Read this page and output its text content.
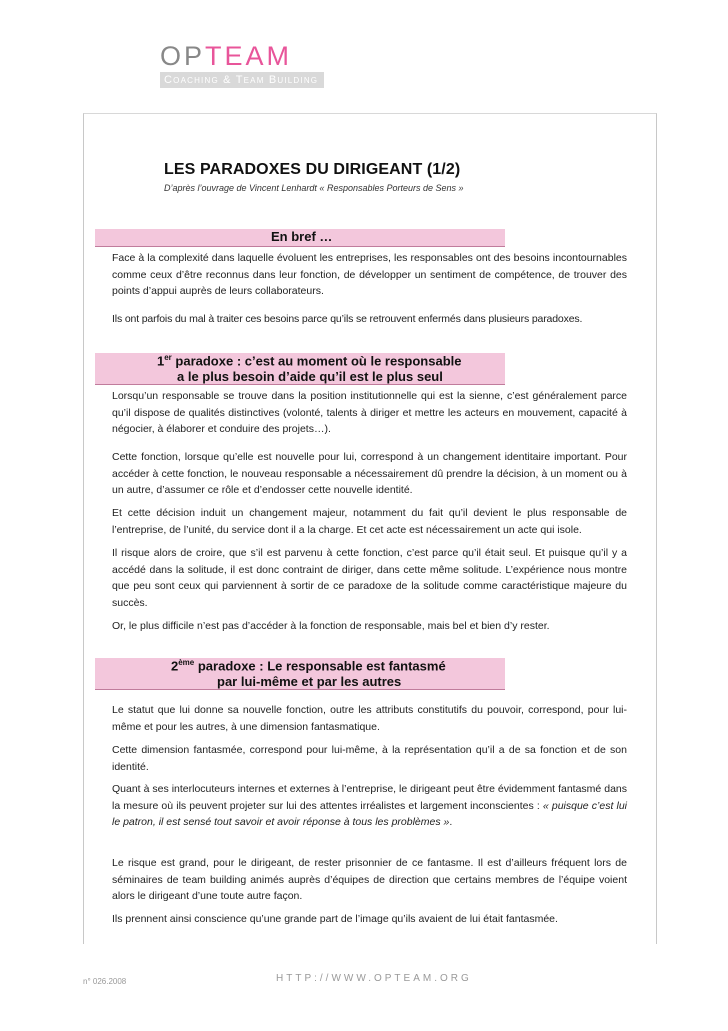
OPTEAM
Coaching & Team Building
LES PARADOXES DU DIRIGEANT (1/2)
D’après l’ouvrage de Vincent Lenhardt « Responsables Porteurs de Sens »
En bref …

Face à la complexité dans laquelle évoluent les entreprises, les responsables ont des besoins incontournables comme ceux d’être reconnus dans leur fonction, de développer un sentiment de compétence, de trouver des points d’appui auprès de leurs collaborateurs.

Ils ont parfois du mal à traiter ces besoins parce qu’ils se retrouvent enfermés dans plusieurs paradoxes.

1er paradoxe : c’est au moment où le responsable
a le plus besoin d’aide qu’il est le plus seul

Lorsqu’un responsable se trouve dans la position institutionnelle qui est la sienne, c’est généralement parce qu’il dispose de qualités distinctives (volonté, talents à diriger et mettre les acteurs en mouvement, capacité à négocier, à élaborer et conduire des projets…).

Cette fonction, lorsque qu’elle est nouvelle pour lui, correspond à un changement identitaire important. Pour accéder à cette fonction, le nouveau responsable a nécessairement dû prendre la décision, à un moment ou à un autre, d’assumer ce rôle et d’endosser cette nouvelle identité.

Et cette décision induit un changement majeur, notamment du fait qu’il devient le plus responsable de l’entreprise, de l’unité, du service dont il a la charge. Et cet acte est nécessairement un acte qui isole.

Il risque alors de croire, que s’il est parvenu à cette fonction, c’est parce qu’il était seul. Et puisque qu’il y a accédé dans la solitude, il est donc contraint de diriger, dans cette même solitude. L’expérience nous montre que peu sont ceux qui parviennent à sortir de ce paradoxe de la solitude comme caractéristique majeure du succès.

Or, le plus difficile n’est pas d’accéder à la fonction de responsable, mais bel et bien d’y rester.

2ème paradoxe : Le responsable est fantasmé
par lui-même et par les autres

Le statut que lui donne sa nouvelle fonction, outre les attributs constitutifs du pouvoir, correspond, pour lui-même et pour les autres, à une dimension fantasmatique.

Cette dimension fantasmée, correspond pour lui-même, à la représentation qu’il a de sa fonction et de son identité.

Quant à ses interlocuteurs internes et externes à l’entreprise, le dirigeant peut être évidemment fantasmé dans la mesure où ils peuvent projeter sur lui des attentes irréalistes et largement inconscientes : « puisque c’est lui le patron, il est sensé tout savoir et avoir réponse à tous les problèmes ».

Le risque est grand, pour le dirigeant, de rester prisonnier de ce fantasme. Il est d’ailleurs fréquent lors de séminaires de team building animés auprès d’équipes de direction que certains membres de l’équipe voient alors le dirigeant d’une toute autre façon.

Ils prennent ainsi conscience qu’une grande part de l’image qu’ils avaient de lui était fantasmée.

n° 026.2008	HTTP://WWW.OPTEAM.ORG
